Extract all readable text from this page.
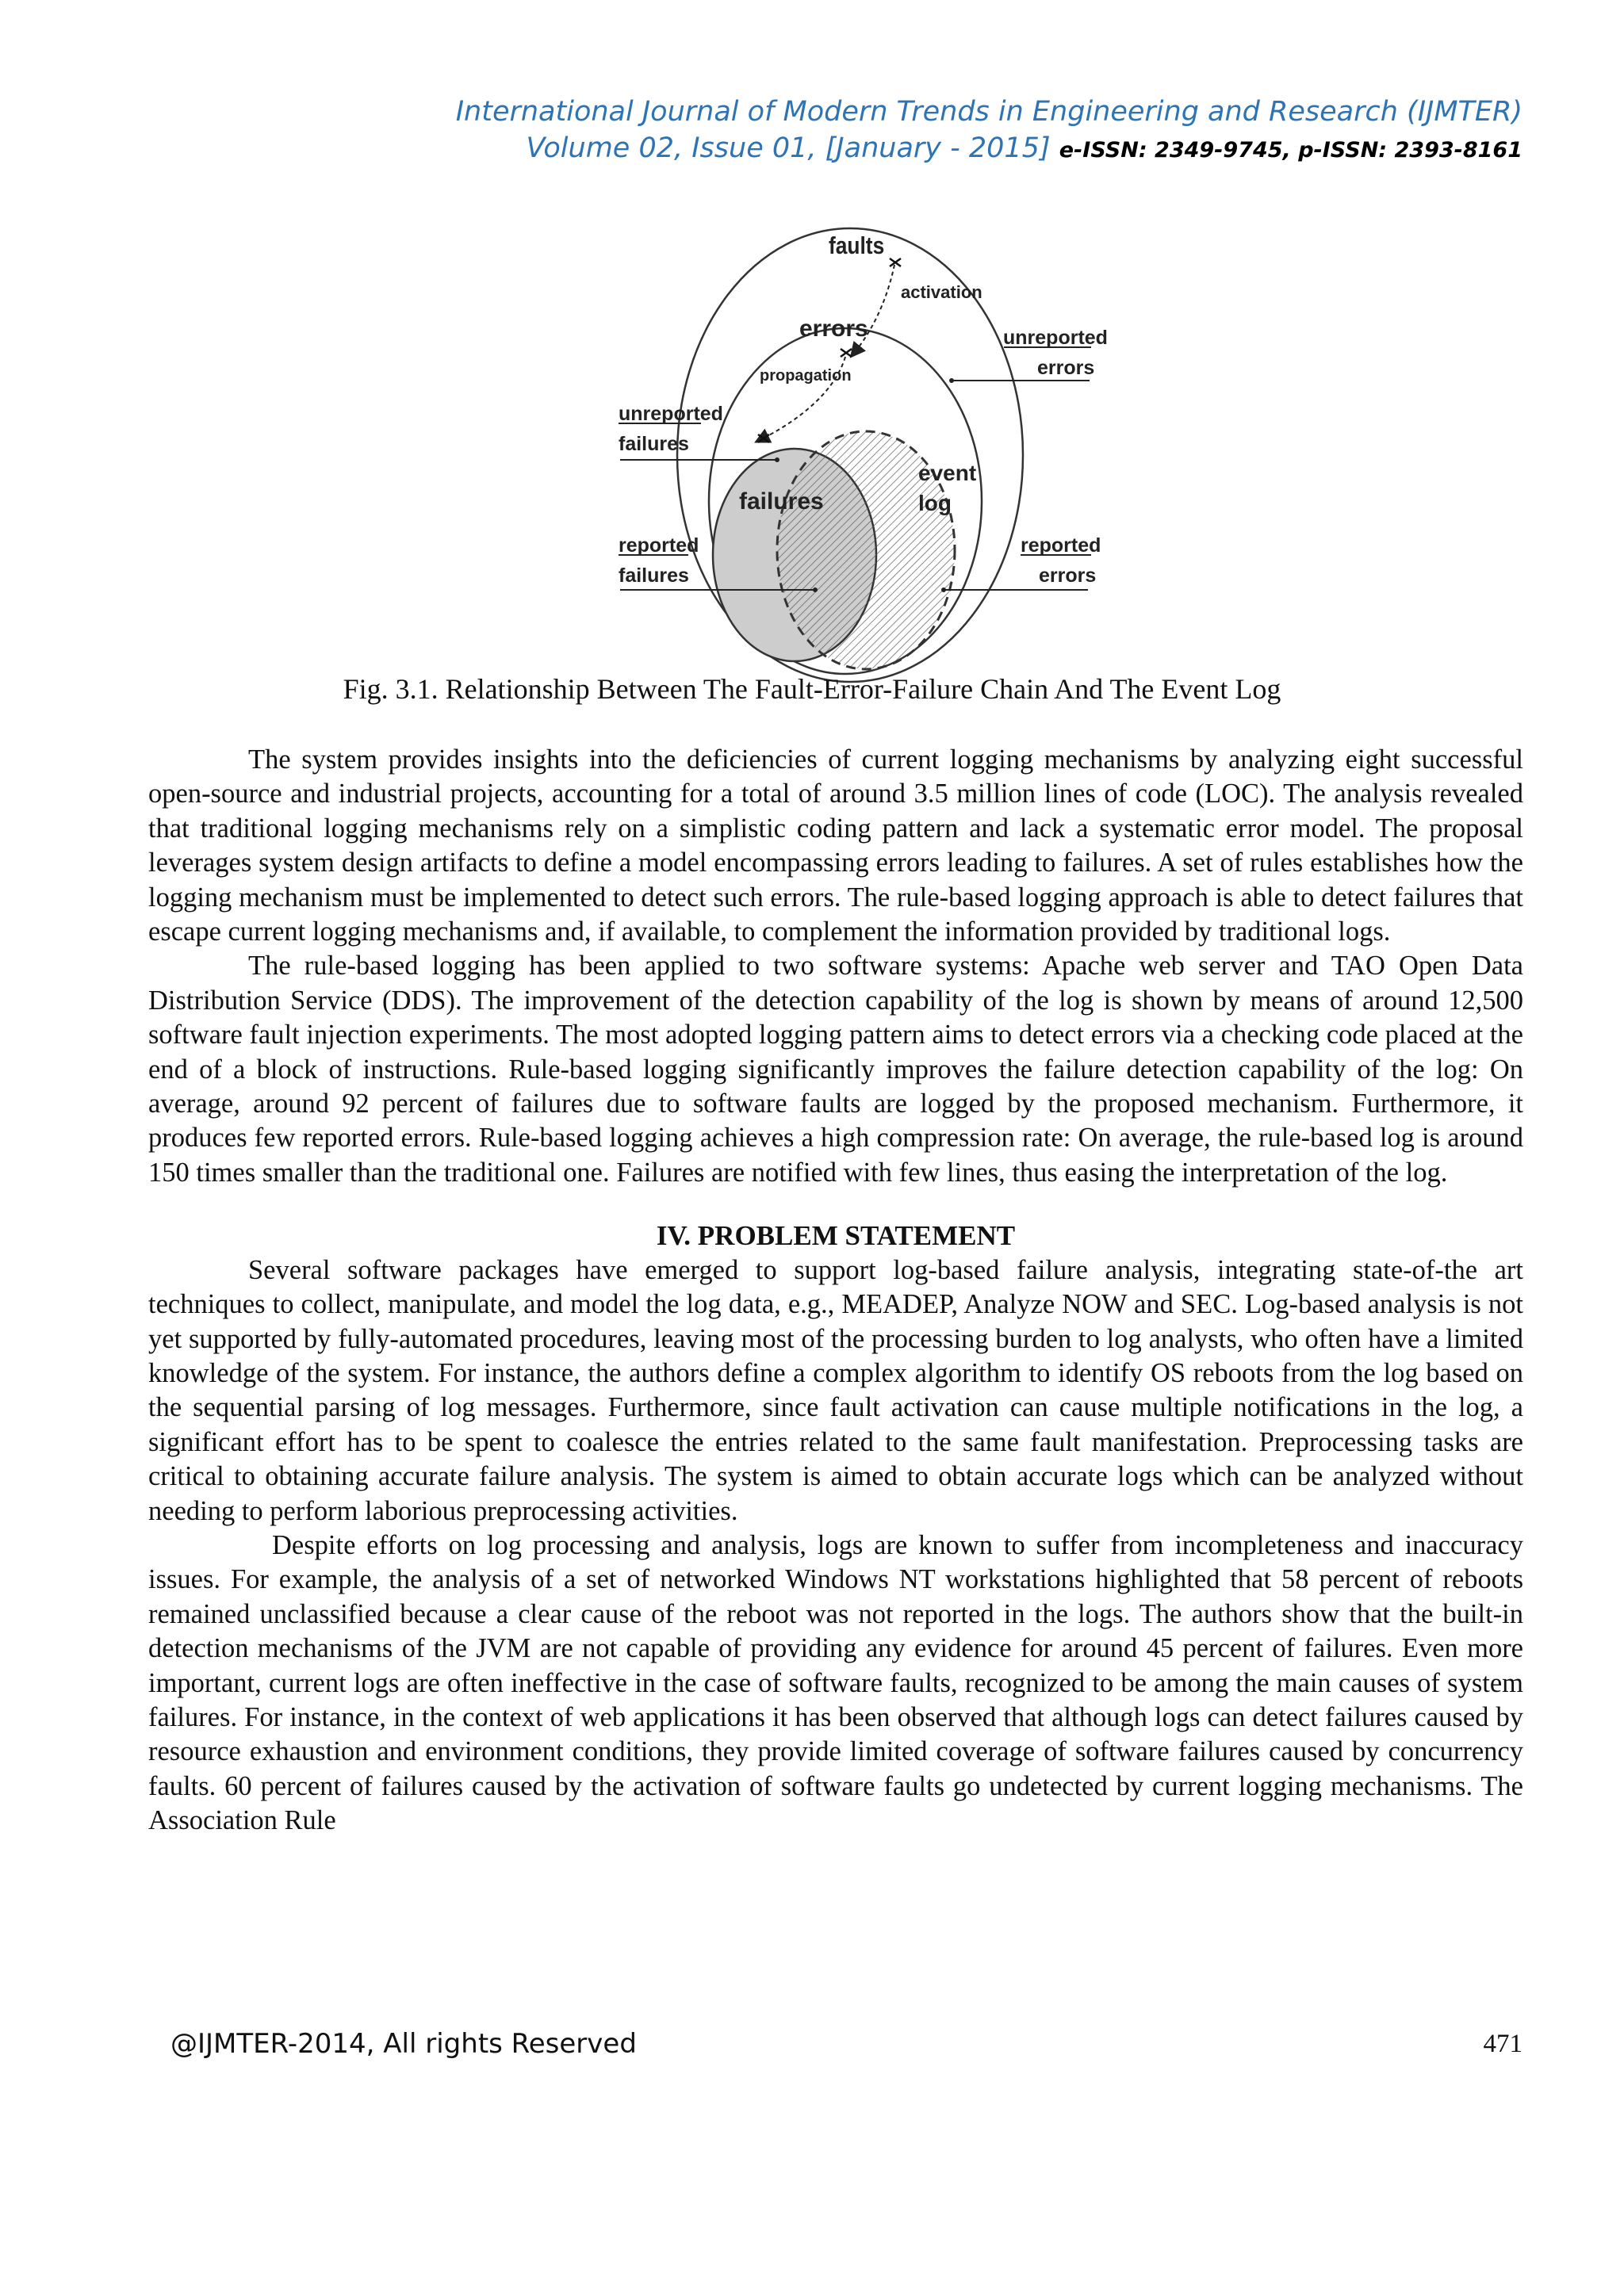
International Journal of Modern Trends in Engineering and Research (IJMTER)
Volume 02, Issue 01, [January - 2015] e-ISSN: 2349-9745, p-ISSN: 2393-8161
faults
activation
errors
propagation
unreported
errors
unreported
failures
failures
event
log
reported
failures
reported
errors
Fig. 3.1. Relationship Between The Fault-Error-Failure Chain And The Event Log

The system provides insights into the deficiencies of current logging mechanisms by analyzing eight successful open-source and industrial projects, accounting for a total of around 3.5 million lines of code (LOC). The analysis revealed that traditional logging mechanisms rely on a simplistic coding pattern and lack a systematic error model. The proposal leverages system design artifacts to define a model encompassing errors leading to failures. A set of rules establishes how the logging mechanism must be implemented to detect such errors. The rule-based logging approach is able to detect failures that escape current logging mechanisms and, if available, to complement the information provided by traditional logs.

The rule-based logging has been applied to two software systems: Apache web server and TAO Open Data Distribution Service (DDS). The improvement of the detection capability of the log is shown by means of around 12,500 software fault injection experiments. The most adopted logging pattern aims to detect errors via a checking code placed at the end of a block of instructions. Rule-based logging significantly improves the failure detection capability of the log: On average, around 92 percent of failures due to software faults are logged by the proposed mechanism. Furthermore, it produces few reported errors. Rule-based logging achieves a high compression rate: On average, the rule-based log is around 150 times smaller than the traditional one. Failures are notified with few lines, thus easing the interpretation of the log.

IV. PROBLEM STATEMENT

Several software packages have emerged to support log-based failure analysis, integrating state-of-the art techniques to collect, manipulate, and model the log data, e.g., MEADEP, Analyze NOW and SEC. Log-based analysis is not yet supported by fully-automated procedures, leaving most of the processing burden to log analysts, who often have a limited knowledge of the system. For instance, the authors define a complex algorithm to identify OS reboots from the log based on the sequential parsing of log messages. Furthermore, since fault activation can cause multiple notifications in the log, a significant effort has to be spent to coalesce the entries related to the same fault manifestation. Preprocessing tasks are critical to obtaining accurate failure analysis. The system is aimed to obtain accurate logs which can be analyzed without needing to perform laborious preprocessing activities.

Despite efforts on log processing and analysis, logs are known to suffer from incompleteness and inaccuracy issues. For example, the analysis of a set of networked Windows NT workstations highlighted that 58 percent of reboots remained unclassified because a clear cause of the reboot was not reported in the logs. The authors show that the built-in detection mechanisms of the JVM are not capable of providing any evidence for around 45 percent of failures. Even more important, current logs are often ineffective in the case of software faults, recognized to be among the main causes of system failures. For instance, in the context of web applications it has been observed that although logs can detect failures caused by resource exhaustion and environment conditions, they provide limited coverage of software failures caused by concurrency faults. 60 percent of failures caused by the activation of software faults go undetected by current logging mechanisms. The Association Rule

@IJMTER-2014, All rights Reserved	471
